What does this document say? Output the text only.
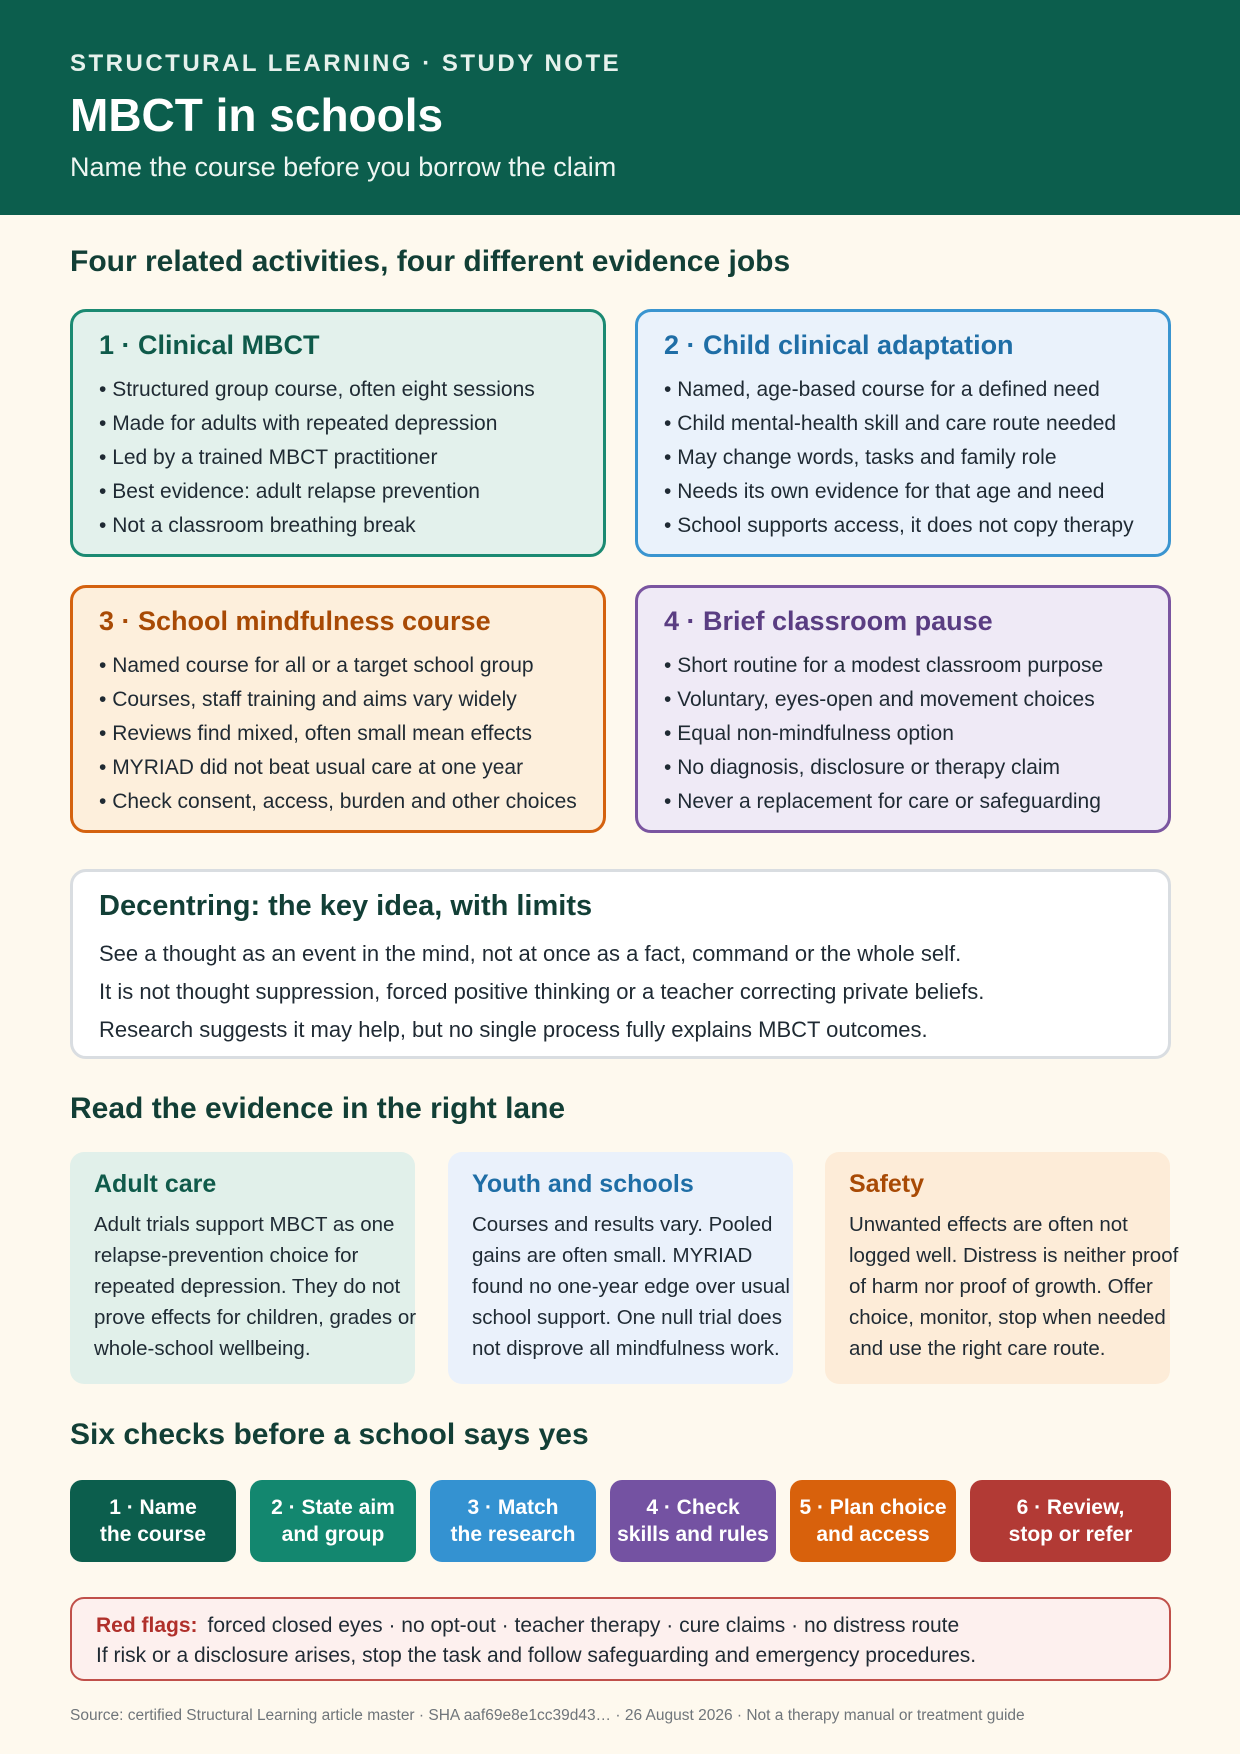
STRUCTURAL LEARNING · STUDY NOTE
MBCT in schools
Name the course before you borrow the claim
Four related activities, four different evidence jobs
1 · Clinical MBCT
• Structured group course, often eight sessions
• Made for adults with repeated depression
• Led by a trained MBCT practitioner
• Best evidence: adult relapse prevention
• Not a classroom breathing break
2 · Child clinical adaptation
• Named, age-based course for a defined need
• Child mental-health skill and care route needed
• May change words, tasks and family role
• Needs its own evidence for that age and need
• School supports access, it does not copy therapy
3 · School mindfulness course
• Named course for all or a target school group
• Courses, staff training and aims vary widely
• Reviews find mixed, often small mean effects
• MYRIAD did not beat usual care at one year
• Check consent, access, burden and other choices
4 · Brief classroom pause
• Short routine for a modest classroom purpose
• Voluntary, eyes-open and movement choices
• Equal non-mindfulness option
• No diagnosis, disclosure or therapy claim
• Never a replacement for care or safeguarding
Decentring: the key idea, with limits

See a thought as an event in the mind, not at once as a fact, command or the whole self.

It is not thought suppression, forced positive thinking or a teacher correcting private beliefs.

Research suggests it may help, but no single process fully explains MBCT outcomes.

Read the evidence in the right lane
Adult care

Adult trials support MBCT as one relapse-prevention choice for repeated depression. They do not prove effects for children, grades or whole-school wellbeing.

Youth and schools

Courses and results vary. Pooled gains are often small. MYRIAD found no one-year edge over usual school support. One null trial does not disprove all mindfulness work.

Safety

Unwanted effects are often not logged well. Distress is neither proof of harm nor proof of growth. Offer choice, monitor, stop when needed and use the right care route.

Six checks before a school says yes
1 · Name
the course
2 · State aim
and group
3 · Match
the research
4 · Check
skills and rules
5 · Plan choice
and access
6 · Review,
stop or refer
Red flags: forced closed eyes · no opt-out · teacher therapy · cure claims · no distress route
If risk or a disclosure arises, stop the task and follow safeguarding and emergency procedures.
Source: certified Structural Learning article master · SHA aaf69e8e1cc39d43… · 26 August 2026 · Not a therapy manual or treatment guide
